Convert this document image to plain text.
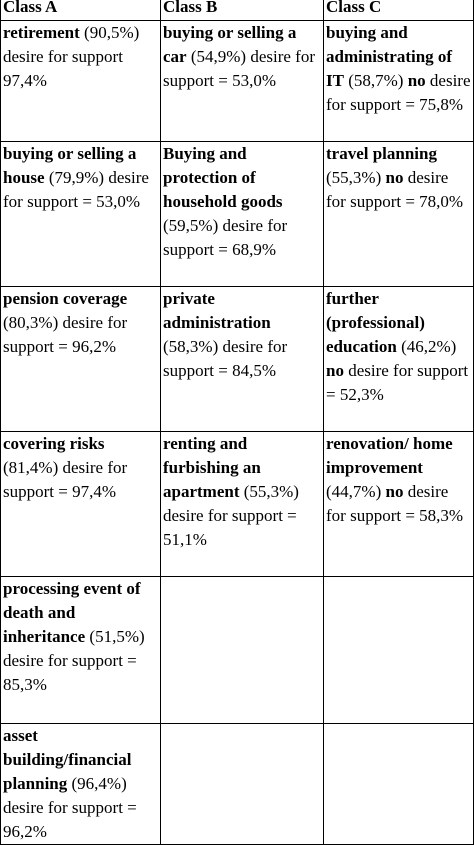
Class A	Class B	Class C
retirement (90,5%) desire for support 97,4%	buying or selling a car (54,9%) desire for support = 53,0%	buying and administrating of IT (58,7%) no desire for support = 75,8%
buying or selling a house (79,9%) desire for support = 53,0%	Buying and protection of household goods (59,5%) desire for support = 68,9%	travel planning (55,3%) no desire for support = 78,0%
pension coverage (80,3%) desire for support = 96,2%	private administration (58,3%) desire for support = 84,5%	further (professional) education (46,2%) no desire for support = 52,3%
covering risks (81,4%) desire for support = 97,4%	renting and furbishing an apartment (55,3%) desire for support = 51,1%	renovation/ home improvement (44,7%) no desire for support = 58,3%
processing event of death and inheritance (51,5%) desire for support = 85,3%		
asset building/financial planning (96,4%) desire for support = 96,2%		
